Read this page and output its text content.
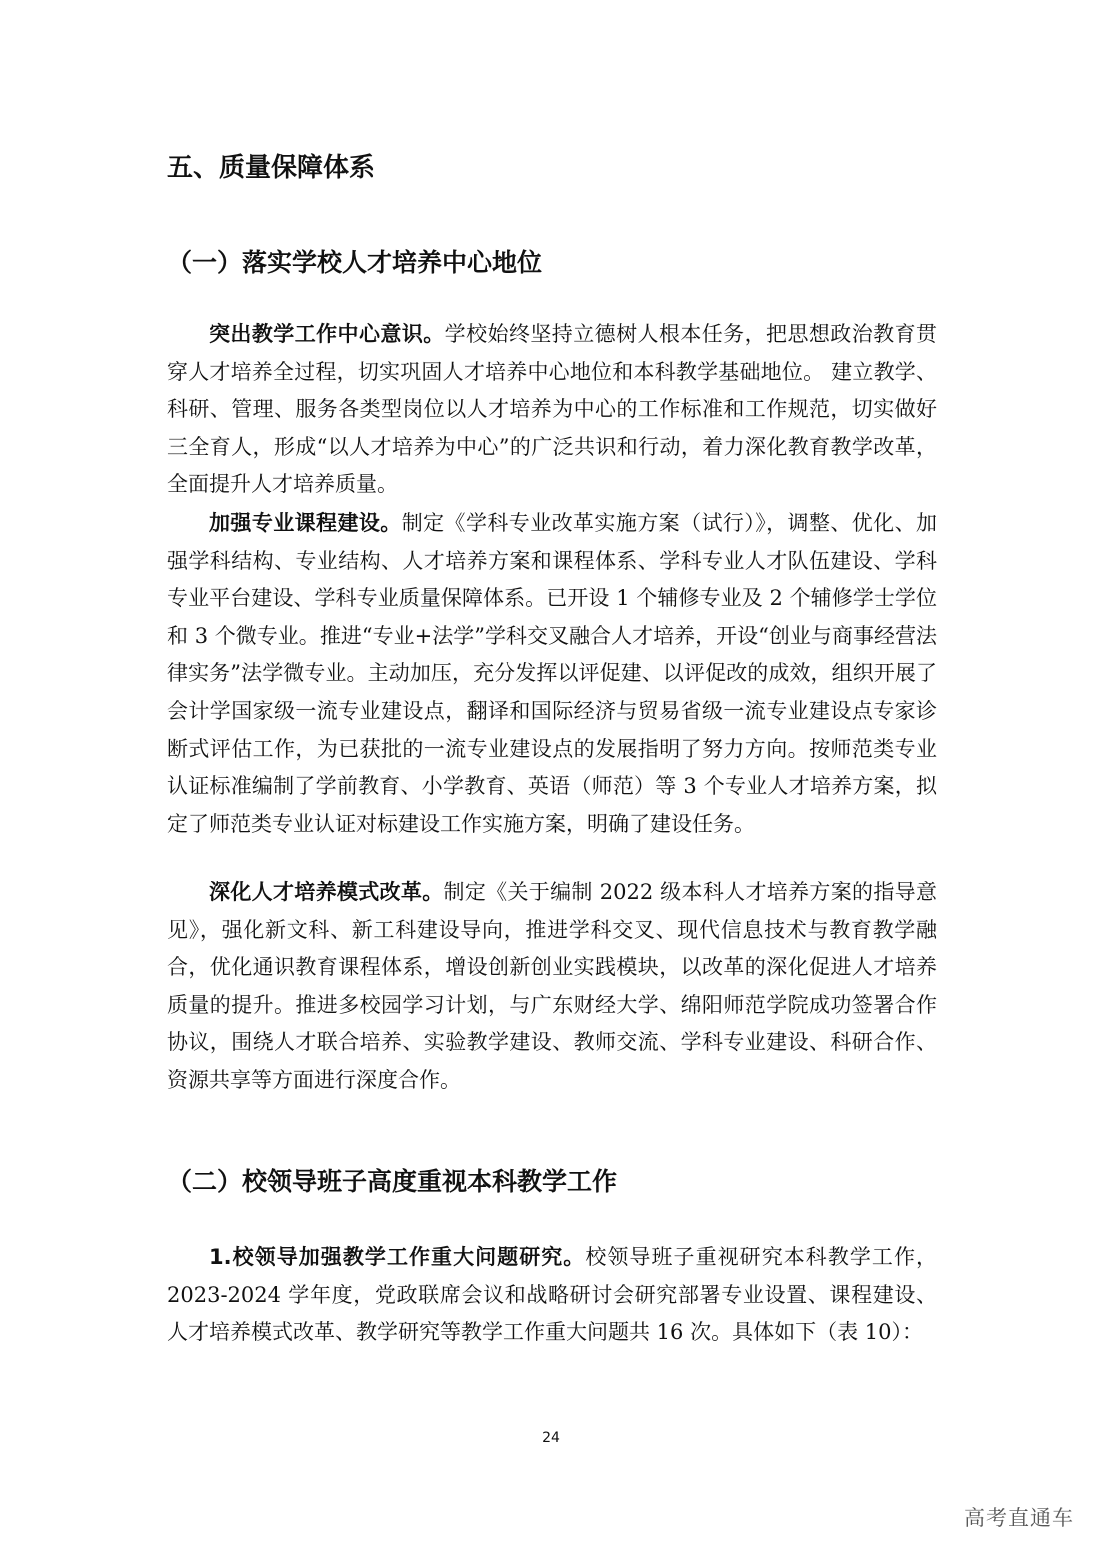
五、质量保障体系
（一）落实学校人才培养中心地位

突出教学工作中心意识。学校始终坚持立德树人根本任务，把思想政治教育贯穿人才培养全过程，切实巩固人才培养中心地位和本科教学基础地位。 建立教学、科研、管理、服务各类型岗位以人才培养为中心的工作标准和工作规范，切实做好三全育人，形成“以人才培养为中心”的广泛共识和行动，着力深化教育教学改革，全面提升人才培养质量。

加强专业课程建设。制定《学科专业改革实施方案（试行）》，调整、优化、加强学科结构、专业结构、人才培养方案和课程体系、学科专业人才队伍建设、学科专业平台建设、学科专业质量保障体系。已开设 1 个辅修专业及 2 个辅修学士学位和 3 个微专业。推进“专业+法学”学科交叉融合人才培养，开设“创业与商事经营法律实务”法学微专业。主动加压，充分发挥以评促建、以评促改的成效，组织开展了会计学国家级一流专业建设点，翻译和国际经济与贸易省级一流专业建设点专家诊断式评估工作，为已获批的一流专业建设点的发展指明了努力方向。按师范类专业认证标准编制了学前教育、小学教育、英语（师范）等 3 个专业人才培养方案，拟定了师范类专业认证对标建设工作实施方案，明确了建设任务。

深化人才培养模式改革。制定《关于编制 2022 级本科人才培养方案的指导意见》，强化新文科、新工科建设导向，推进学科交叉、现代信息技术与教育教学融合，优化通识教育课程体系，增设创新创业实践模块，以改革的深化促进人才培养质量的提升。推进多校园学习计划，与广东财经大学、绵阳师范学院成功签署合作协议，围绕人才联合培养、实验教学建设、教师交流、学科专业建设、科研合作、资源共享等方面进行深度合作。

（二）校领导班子高度重视本科教学工作

1.校领导加强教学工作重大问题研究。校领导班子重视研究本科教学工作，2023-2024 学年度，党政联席会议和战略研讨会研究部署专业设置、课程建设、人才培养模式改革、教学研究等教学工作重大问题共 16 次。具体如下（表 10）：

24
高考直通车
